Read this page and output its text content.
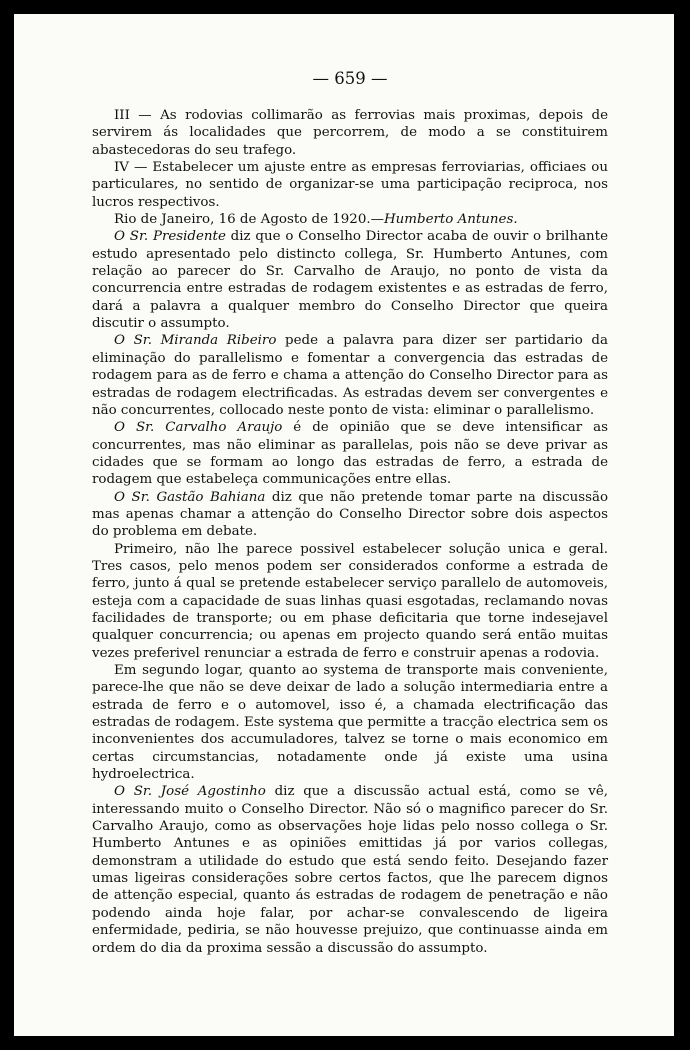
— 659 —

III — As rodovias collimarão as ferrovias mais proximas, depois de servirem ás localidades que percorrem, de modo a se constituirem abastecedoras do seu trafego.

IV — Estabelecer um ajuste entre as empresas ferroviarias, officiaes ou particulares, no sentido de organizar-se uma participação reciproca, nos lucros respectivos.

Rio de Janeiro, 16 de Agosto de 1920.—Humberto Antunes.

O Sr. Presidente diz que o Conselho Director acaba de ouvir o brilhante estudo apresentado pelo distincto collega, Sr. Humberto Antunes, com relação ao parecer do Sr. Carvalho de Araujo, no ponto de vista da concurrencia entre estradas de rodagem existentes e as estradas de ferro, dará a palavra a qualquer membro do Conselho Director que queira discutir o assumpto.

O Sr. Miranda Ribeiro pede a palavra para dizer ser partidario da eliminação do parallelismo e fomentar a convergencia das estradas de rodagem para as de ferro e chama a attenção do Conselho Director para as estradas de rodagem electrificadas. As estradas devem ser convergentes e não concurrentes, collocado neste ponto de vista: eliminar o parallelismo.

O Sr. Carvalho Araujo é de opinião que se deve intensificar as concurrentes, mas não eliminar as parallelas, pois não se deve privar as cidades que se formam ao longo das estradas de ferro, a estrada de rodagem que estabeleça communicações entre ellas.

O Sr. Gastão Bahiana diz que não pretende tomar parte na discussão mas apenas chamar a attenção do Conselho Director sobre dois aspectos do problema em debate.

Primeiro, não lhe parece possivel estabelecer solução unica e geral. Tres casos, pelo menos podem ser considerados conforme a estrada de ferro, junto á qual se pretende estabelecer serviço parallelo de automoveis, esteja com a capacidade de suas linhas quasi esgotadas, reclamando novas facilidades de transporte; ou em phase deficitaria que torne indesejavel qualquer concurrencia; ou apenas em projecto quando será então muitas vezes preferivel renunciar a estrada de ferro e construir apenas a rodovia.

Em segundo logar, quanto ao systema de transporte mais conveniente, parece-lhe que não se deve deixar de lado a solução intermediaria entre a estrada de ferro e o automovel, isso é, a chamada electrificação das estradas de rodagem. Este systema que permitte a tracção electrica sem os inconvenientes dos accumuladores, talvez se torne o mais economico em certas circumstancias, notadamente onde já existe uma usina hydroelectrica.

O Sr. José Agostinho diz que a discussão actual está, como se vê, interessando muito o Conselho Director. Não só o magnifico parecer do Sr. Carvalho Araujo, como as observações hoje lidas pelo nosso collega o Sr. Humberto Antunes e as opiniões emittidas já por varios collegas, demonstram a utilidade do estudo que está sendo feito. Desejando fazer umas ligeiras considerações sobre certos factos, que lhe parecem dignos de attenção especial, quanto ás estradas de rodagem de penetração e não podendo ainda hoje falar, por achar-se convalescendo de ligeira enfermidade, pediria, se não houvesse prejuizo, que continuasse ainda em ordem do dia da proxima sessão a discussão do assumpto.
